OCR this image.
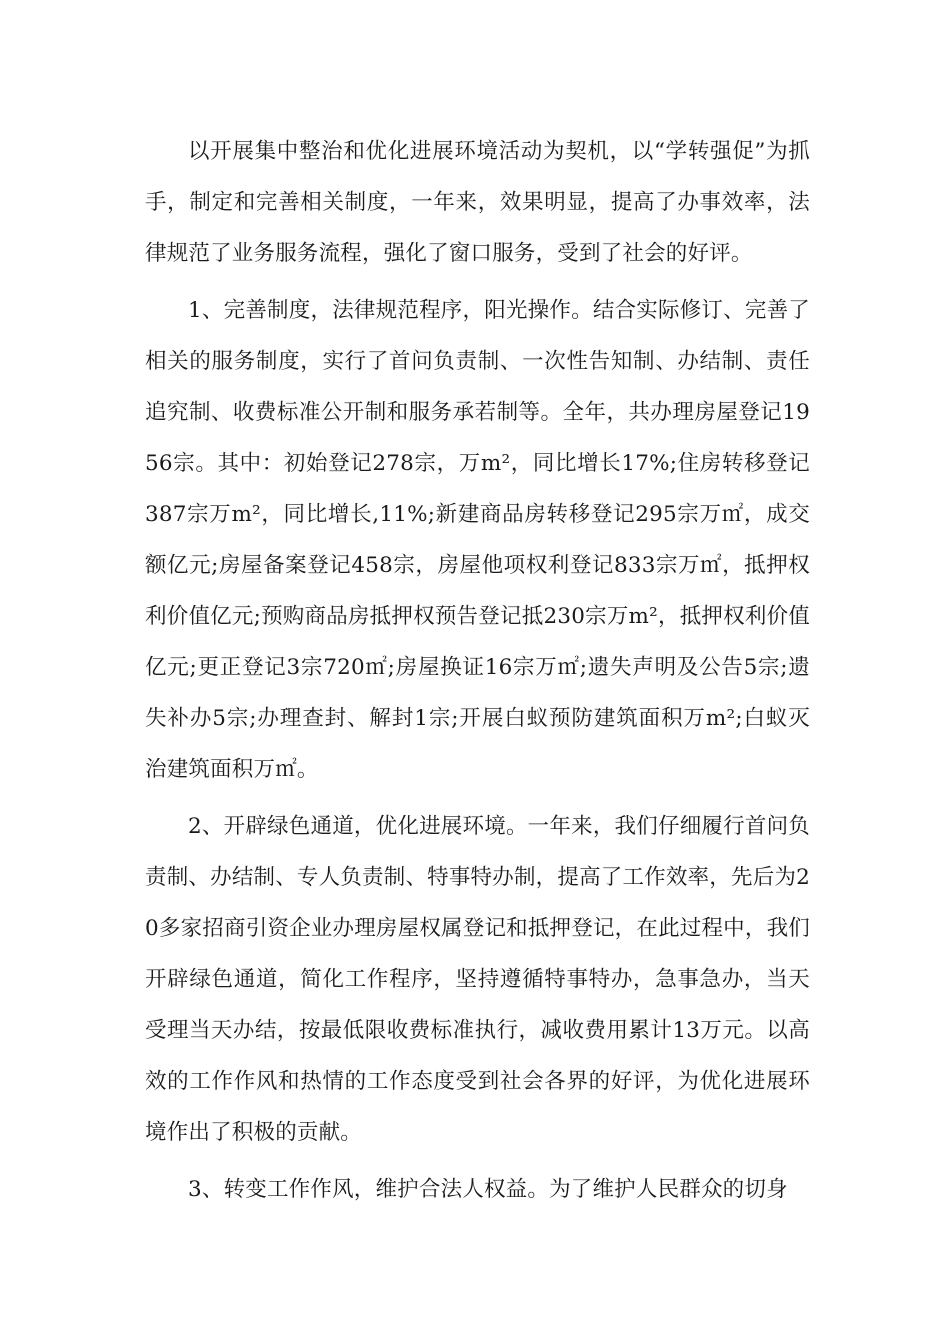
以开展集中整治和优化进展环境活动为契机，以“学转强促”为抓手，制定和完善相关制度，一年来，效果明显，提高了办事效率，法律规范了业务服务流程，强化了窗口服务，受到了社会的好评。

1、完善制度，法律规范程序，阳光操作。结合实际修订、完善了相关的服务制度，实行了首问负责制、一次性告知制、办结制、责任追究制、收费标准公开制和服务承若制等。全年，共办理房屋登记1956宗。其中：初始登记278宗，万m²，同比增长17%;住房转移登记387宗万m²，同比增长,11%;新建商品房转移登记295宗万㎡，成交额亿元;房屋备案登记458宗，房屋他项权利登记833宗万㎡，抵押权利价值亿元;预购商品房抵押权预告登记抵230宗万m²，抵押权利价值亿元;更正登记3宗720㎡;房屋换证16宗万㎡;遗失声明及公告5宗;遗失补办5宗;办理查封、解封1宗;开展白蚁预防建筑面积万m²;白蚁灭治建筑面积万㎡。

2、开辟绿色通道，优化进展环境。一年来，我们仔细履行首问负责制、办结制、专人负责制、特事特办制，提高了工作效率，先后为20多家招商引资企业办理房屋权属登记和抵押登记，在此过程中，我们开辟绿色通道，简化工作程序，坚持遵循特事特办，急事急办，当天受理当天办结，按最低限收费标准执行，减收费用累计13万元。以高效的工作作风和热情的工作态度受到社会各界的好评，为优化进展环境作出了积极的贡献。

3、转变工作作风，维护合法人权益。为了维护人民群众的切身
